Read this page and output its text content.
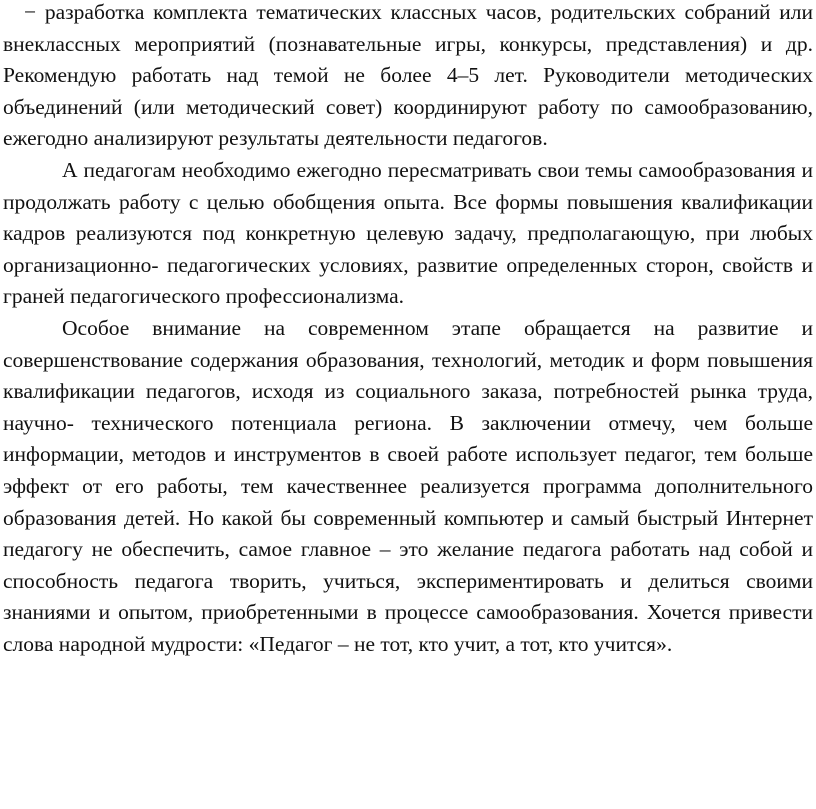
− разработка комплекта тематических классных часов, родительских собраний или внеклассных мероприятий (познавательные игры, конкурсы, представления) и др. Рекомендую работать над темой не более 4–5 лет. Руководители методических объединений (или методический совет) координируют работу по самообразованию, ежегодно анализируют результаты деятельности педагогов.

А педагогам необходимо ежегодно пересматривать свои темы самообразования и продолжать работу с целью обобщения опыта. Все формы повышения квалификации кадров реализуются под конкретную целевую задачу, предполагающую, при любых организационно- педагогических условиях, развитие определенных сторон, свойств и граней педагогического профессионализма.

Особое внимание на современном этапе обращается на развитие и совершенствование содержания образования, технологий, методик и форм повышения квалификации педагогов, исходя из социального заказа, потребностей рынка труда, научно- технического потенциала региона. В заключении отмечу, чем больше информации, методов и инструментов в своей работе использует педагог, тем больше эффект от его работы, тем качественнее реализуется программа дополнительного образования детей. Но какой бы современный компьютер и самый быстрый Интернет педагогу не обеспечить, самое главное – это желание педагога работать над собой и способность педагога творить, учиться, экспериментировать и делиться своими знаниями и опытом, приобретенными в процессе самообразования. Хочется привести слова народной мудрости: «Педагог – не тот, кто учит, а тот, кто учится».
